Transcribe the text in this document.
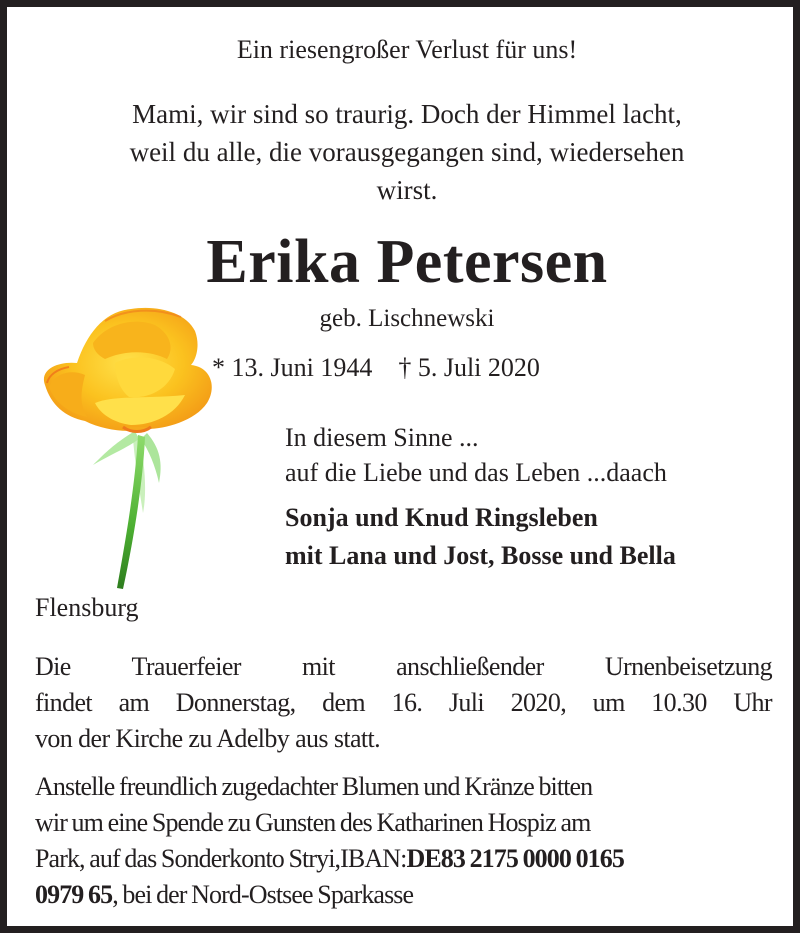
Ein riesengroßer Verlust für uns!

Mami, wir sind so traurig. Doch der Himmel lacht,
weil du alle, die vorausgegangen sind, wiedersehen
wirst.
Erika Petersen

geb. Lischnewski

* 13. Juni 1944 † 5. Juli 2020

In diesem Sinne ...
auf die Liebe und das Leben ...daach
Sonja und Knud Ringsleben
mit Lana und Jost, Bosse und Bella

Flensburg

Die Trauerfeier mit anschließender Urnenbeisetzung
findet am Donnerstag, dem 16. Juli 2020, um 10.30 Uhr
von der Kirche zu Adelby aus statt.
Anstelle freundlich zugedachter Blumen und Kränze bitten
wir um eine Spende zu Gunsten des Katharinen Hospiz am
Park, auf das Sonderkonto Stryi,IBAN:DE83 2175 0000 0165
0979 65, bei der Nord-Ostsee Sparkasse
